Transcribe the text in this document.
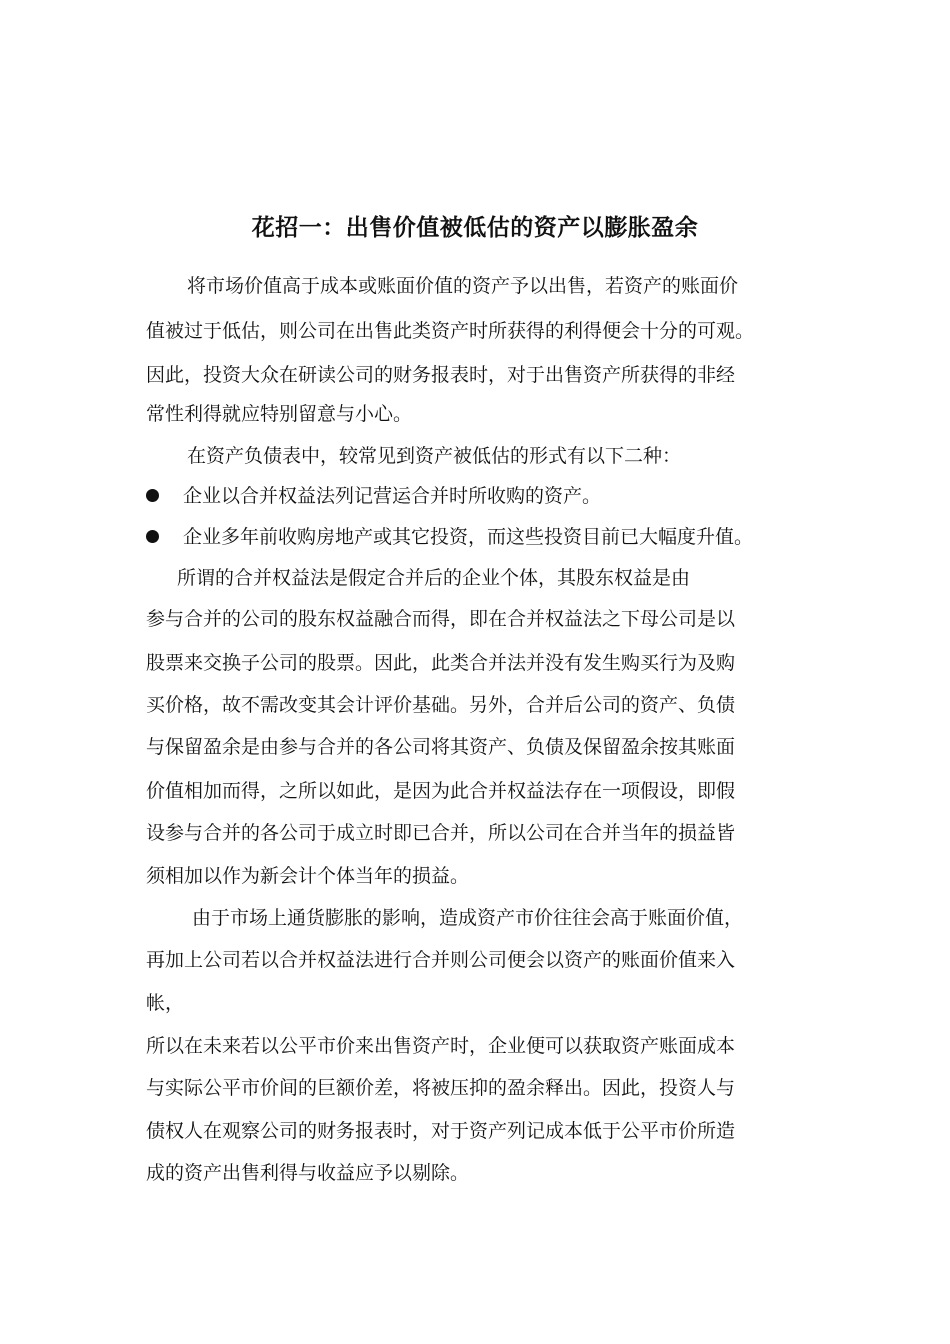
花招一：出售价值被低估的资产以膨胀盈余
将市场价值高于成本或账面价值的资产予以出售，若资产的账面价
值被过于低估，则公司在出售此类资产时所获得的利得便会十分的可观。
因此，投资大众在研读公司的财务报表时，对于出售资产所获得的非经
常性利得就应特别留意与小心。
在资产负债表中，较常见到资产被低估的形式有以下二种：
企业以合并权益法列记营运合并时所收购的资产。
企业多年前收购房地产或其它投资，而这些投资目前已大幅度升值。
所谓的合并权益法是假定合并后的企业个体，其股东权益是由
参与合并的公司的股东权益融合而得，即在合并权益法之下母公司是以
股票来交换子公司的股票。因此，此类合并法并没有发生购买行为及购
买价格，故不需改变其会计评价基础。另外，合并后公司的资产、负债
与保留盈余是由参与合并的各公司将其资产、负债及保留盈余按其账面
价值相加而得，之所以如此，是因为此合并权益法存在一项假设，即假
设参与合并的各公司于成立时即已合并，所以公司在合并当年的损益皆
须相加以作为新会计个体当年的损益。
由于市场上通货膨胀的影响，造成资产市价往往会高于账面价值，
再加上公司若以合并权益法进行合并则公司便会以资产的账面价值来入
帐，
所以在未来若以公平市价来出售资产时，企业便可以获取资产账面成本
与实际公平市价间的巨额价差，将被压抑的盈余释出。因此，投资人与
债权人在观察公司的财务报表时，对于资产列记成本低于公平市价所造
成的资产出售利得与收益应予以剔除。
